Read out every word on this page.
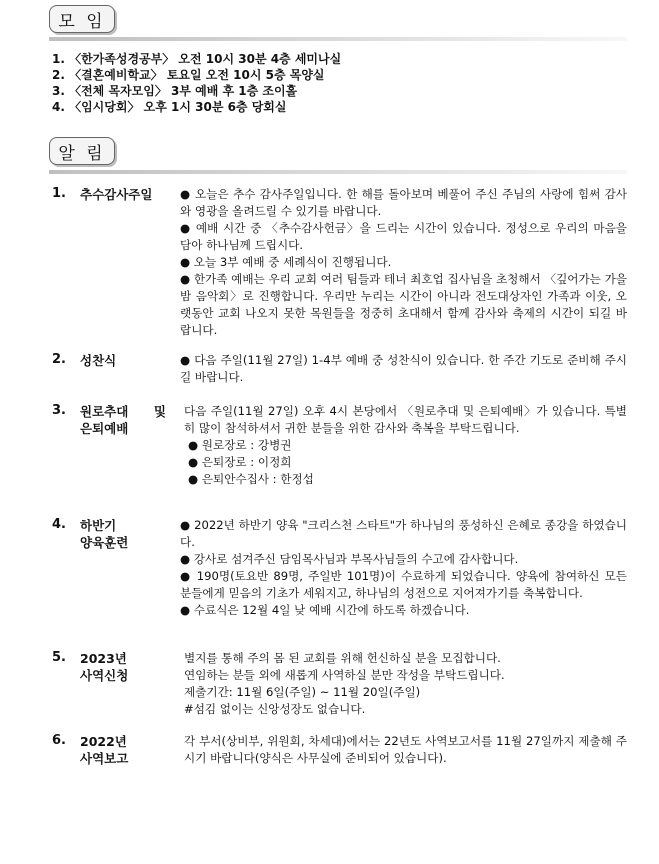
모 임
1. 〈한가족성경공부〉 오전 10시 30분 4층 세미나실
2. 〈결혼예비학교〉 토요일 오전 10시 5층 목양실
3. 〈전체 목자모임〉 3부 예배 후 1층 조이홀
4. 〈임시당회〉 오후 1시 30분 6층 당회실
알 림
1. 추수감사주일	● 오늘은 추수 감사주일입니다. 한 해를 돌아보며 베풀어 주신 주님의 사랑에 힘써 감사와 영광을 올려드릴 수 있기를 바랍니다.

● 예배 시간 중 〈추수감사헌금〉을 드리는 시간이 있습니다. 정성으로 우리의 마음을 담아 하나님께 드립시다.

● 오늘 3부 예배 중 세례식이 진행됩니다.

● 한가족 예배는 우리 교회 여러 팀들과 테너 최호업 집사님을 초청해서 〈깊어가는 가을밤 음악회〉로 진행합니다. 우리만 누리는 시간이 아니라 전도대상자인 가족과 이웃, 오랫동안 교회 나오지 못한 목원들을 정중히 초대해서 함께 감사와 축제의 시간이 되길 바랍니다.

2. 성찬식	● 다음 주일(11월 27일) 1-4부 예배 중 성찬식이 있습니다. 한 주간 기도로 준비해 주시길 바랍니다.

3. 원로추대 및
은퇴예배

다음 주일(11월 27일) 오후 4시 본당에서 〈원로추대 및 은퇴예배〉가 있습니다. 특별히 많이 참석하셔서 귀한 분들을 위한 감사와 축복을 부탁드립니다.

● 원로장로 : 강병권

● 은퇴장로 : 이정희

● 은퇴안수집사 : 한정섭

4. 하반기
양육훈련

● 2022년 하반기 양육 "크리스천 스타트"가 하나님의 풍성하신 은혜로 종강을 하였습니다.

● 강사로 섬겨주신 담임목사님과 부목사님들의 수고에 감사합니다.

● 190명(토요반 89명, 주일반 101명)이 수료하게 되었습니다. 양육에 참여하신 모든 분들에게 믿음의 기초가 세워지고, 하나님의 성전으로 지어져가기를 축복합니다.

● 수료식은 12월 4일 낮 예배 시간에 하도록 하겠습니다.

5. 2023년
사역신청

별지를 통해 주의 몸 된 교회를 위해 헌신하실 분을 모집합니다.

연임하는 분들 외에 새롭게 사역하실 분만 작성을 부탁드립니다.

제출기간: 11월 6일(주일) ~ 11월 20일(주일)

#섬김 없이는 신앙성장도 없습니다.

6. 2022년
사역보고

각 부서(상비부, 위원회, 차세대)에서는 22년도 사역보고서를 11월 27일까지 제출해 주시기 바랍니다(양식은 사무실에 준비되어 있습니다).
